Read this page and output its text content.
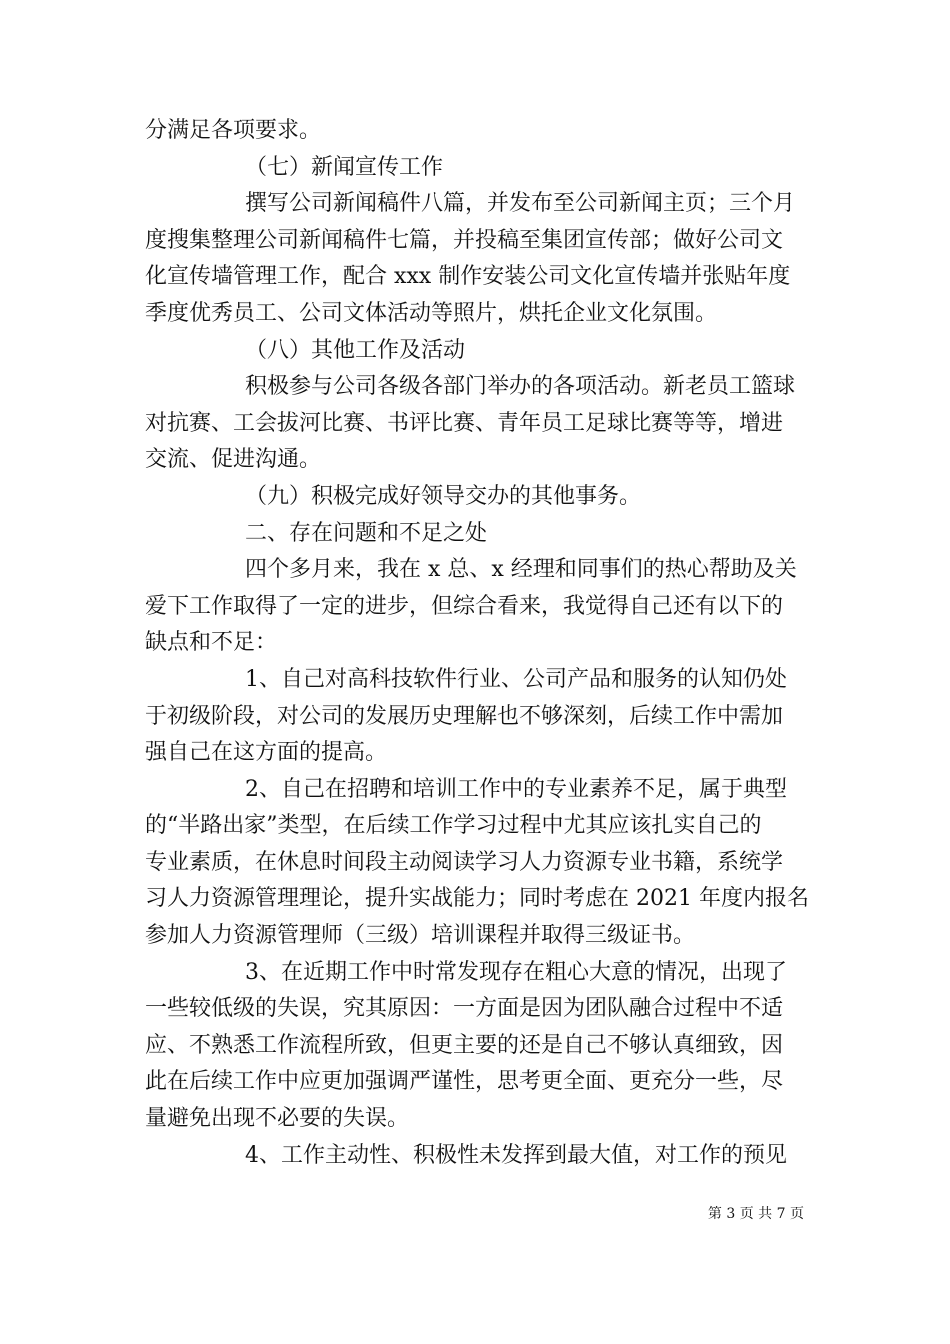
分满足各项要求。
（七）新闻宣传工作
撰写公司新闻稿件八篇，并发布至公司新闻主页；三个月
度搜集整理公司新闻稿件七篇，并投稿至集团宣传部；做好公司文
化宣传墙管理工作，配合 xxx 制作安装公司文化宣传墙并张贴年度
季度优秀员工、公司文体活动等照片，烘托企业文化氛围。
（八）其他工作及活动
积极参与公司各级各部门举办的各项活动。新老员工篮球
对抗赛、工会拔河比赛、书评比赛、青年员工足球比赛等等，增进
交流、促进沟通。
（九）积极完成好领导交办的其他事务。
二、存在问题和不足之处
四个多月来，我在 x 总、x 经理和同事们的热心帮助及关
爱下工作取得了一定的进步，但综合看来，我觉得自己还有以下的
缺点和不足：
1、自己对高科技软件行业、公司产品和服务的认知仍处
于初级阶段，对公司的发展历史理解也不够深刻，后续工作中需加
强自己在这方面的提高。
2、自己在招聘和培训工作中的专业素养不足，属于典型
的“半路出家”类型，在后续工作学习过程中尤其应该扎实自己的
专业素质，在休息时间段主动阅读学习人力资源专业书籍，系统学
习人力资源管理理论，提升实战能力；同时考虑在 2021 年度内报名
参加人力资源管理师（三级）培训课程并取得三级证书。
3、在近期工作中时常发现存在粗心大意的情况，出现了
一些较低级的失误，究其原因：一方面是因为团队融合过程中不适
应、不熟悉工作流程所致，但更主要的还是自己不够认真细致，因
此在后续工作中应更加强调严谨性，思考更全面、更充分一些，尽
量避免出现不必要的失误。
4、工作主动性、积极性未发挥到最大值，对工作的预见
第 3 页 共 7 页
